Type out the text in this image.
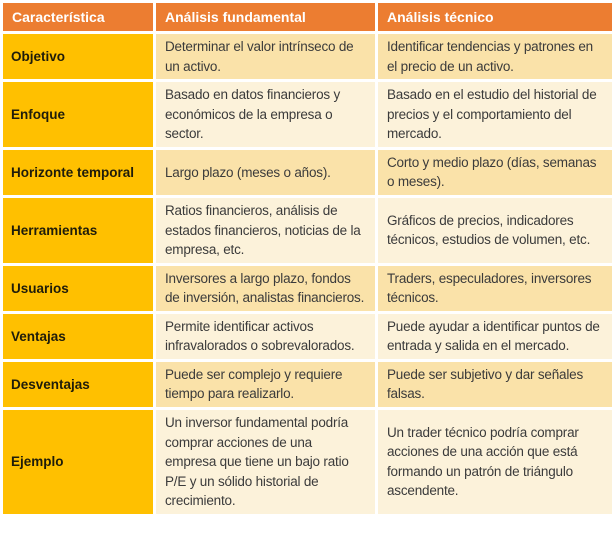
Característica	Análisis fundamental	Análisis técnico
Objetivo	Determinar el valor intrínseco de un activo.	Identificar tendencias y patrones en el precio de un activo.
Enfoque	Basado en datos financieros y económicos de la empresa o sector.	Basado en el estudio del historial de precios y el comportamiento del mercado.
Horizonte temporal	Largo plazo (meses o años).	Corto y medio plazo (días, semanas o meses).
Herramientas	Ratios financieros, análisis de estados financieros, noticias de la empresa, etc.	Gráficos de precios, indicadores técnicos, estudios de volumen, etc.
Usuarios	Inversores a largo plazo, fondos de inversión, analistas financieros.	Traders, especuladores, inversores técnicos.
Ventajas	Permite identificar activos infravalorados o sobrevalorados.	Puede ayudar a identificar puntos de entrada y salida en el mercado.
Desventajas	Puede ser complejo y requiere tiempo para realizarlo.	Puede ser subjetivo y dar señales falsas.
Ejemplo	Un inversor fundamental podría comprar acciones de una empresa que tiene un bajo ratio P/E y un sólido historial de crecimiento.	Un trader técnico podría comprar acciones de una acción que está formando un patrón de triángulo ascendente.
